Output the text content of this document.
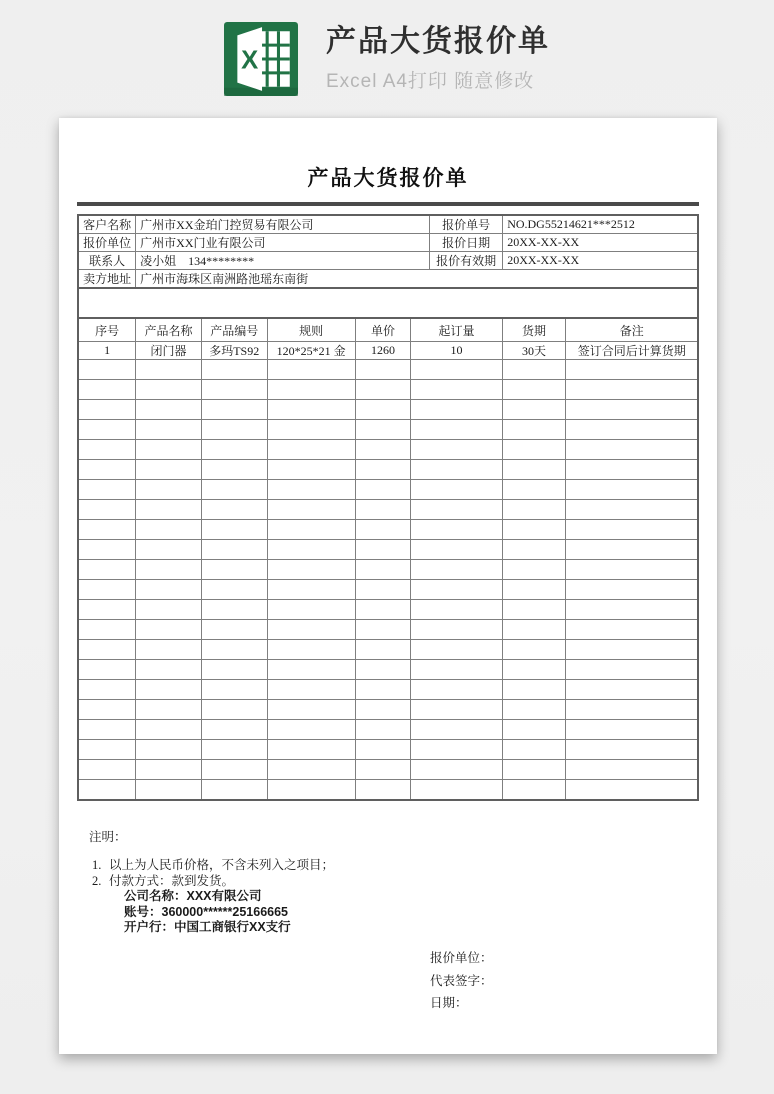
X
产品大货报价单
Excel A4打印 随意修改
产品大货报价单
客户名称	广州市XX金珀门控贸易有限公司	报价单号	NO.DG55214621***2512
报价单位	广州市XX门业有限公司	报价日期	20XX-XX-XX
联系人	凌小姐　134********	报价有效期	20XX-XX-XX
卖方地址	广州市海珠区南洲路池瑶东南街		
序号	产品名称	产品编号	规则	单价	起订量	货期	备注
1	闭门器	多玛TS92	120*25*21 金	1260	10	30天	签订合同后计算货期

注明：
1. 以上为人民币价格，不含未列入之项目；
2. 付款方式：款到发货。
公司名称：XXX有限公司
账号：360000******25166665
开户行：中国工商银行XX支行
报价单位：
代表签字：
日期：
